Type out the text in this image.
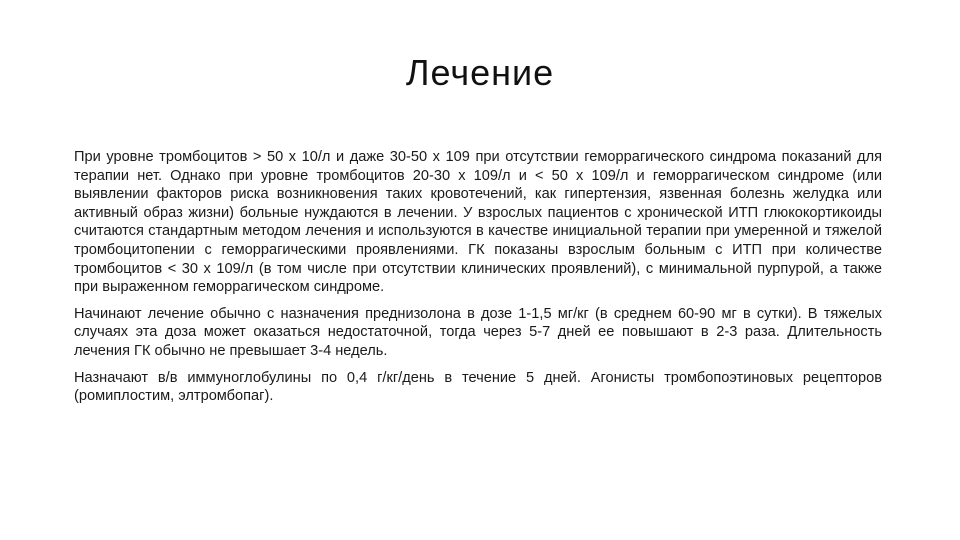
Лечение

При уровне тромбоцитов > 50 x 10/л и даже 30-50 x 109 при отсутствии геморрагического синдрома показаний для терапии нет. Однако при уровне тромбоцитов 20-30 х 109/л и < 50 х 109/л и геморрагическом синдроме (или выявлении факторов риска возникновения таких кровотечений, как гипертензия, язвенная болезнь желудка или активный образ жизни) больные нуждаются в лечении. У взрослых пациентов с хронической ИТП глюкокортикоиды считаются стандартным методом лечения и используются в качестве инициальной терапии при умеренной и тяжелой тромбоцитопении с геморрагическими проявлениями. ГК показаны взрослым больным с ИТП при количестве тромбоцитов < 30 х 109/л (в том числе при отсутствии клинических проявлений), с минимальной пурпурой, а также при выраженном геморрагическом синдроме.

Начинают лечение обычно с назначения преднизолона в дозе 1-1,5 мг/кг (в среднем 60-90 мг в сутки). В тяжелых случаях эта доза может оказаться недостаточной, тогда через 5-7 дней ее повышают в 2-3 раза. Длительность лечения ГК обычно не превышает 3-4 недель.

Назначают в/в иммуноглобулины по 0,4 г/кг/день в течение 5 дней. Агонисты тромбопоэтиновых рецепторов (ромиплостим, элтромбопаг).
